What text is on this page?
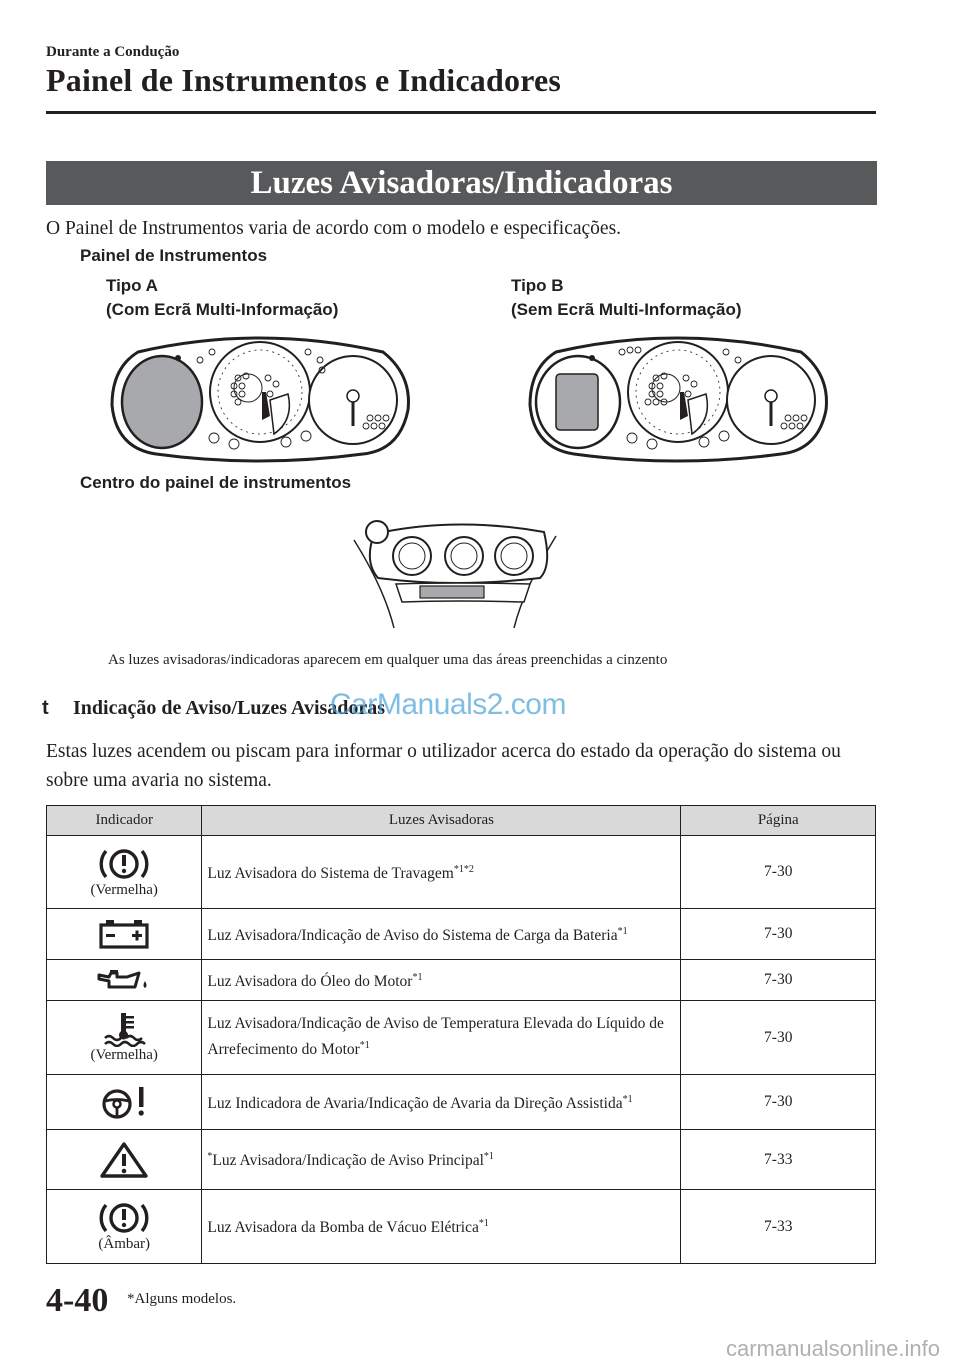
Durante a Condução
Painel de Instrumentos e Indicadores
Luzes Avisadoras/Indicadoras
O Painel de Instrumentos varia de acordo com o modelo e especificações.
Painel de Instrumentos
Tipo A
(Com Ecrã Multi-Informação)
Tipo B
(Sem Ecrã Multi-Informação)
Centro do painel de instrumentos
As luzes avisadoras/indicadoras aparecem em qualquer uma das áreas preenchidas a cinzento
t Indicação de Aviso/Luzes Avisadoras
CarManuals2.com
Estas luzes acendem ou piscam para informar o utilizador acerca do estado da operação do sistema ou sobre uma avaria no sistema.
Indicador	Luzes Avisadoras	Página

(Vermelha)	Luz Avisadora do Sistema de Travagem$^{*1*2}$	7-30

	Luz Avisadora/Indicação de Aviso do Sistema de Carga da Bateria$^{*1}$	7-30

	Luz Avisadora do Óleo do Motor$^{*1}$	7-30

(Vermelha)	Luz Avisadora/Indicação de Aviso de Temperatura Elevada do Líquido de Arrefecimento do Motor$^{*1}$	7-30

	Luz Indicadora de Avaria/Indicação de Avaria da Direção Assistida$^{*1}$	7-30

	*Luz Avisadora/Indicação de Aviso Principal$^{*1}$	7-33

(Âmbar)	Luz Avisadora da Bomba de Vácuo Elétrica$^{*1}$	7-33
4-40 *Alguns modelos.
carmanualsonline.info
